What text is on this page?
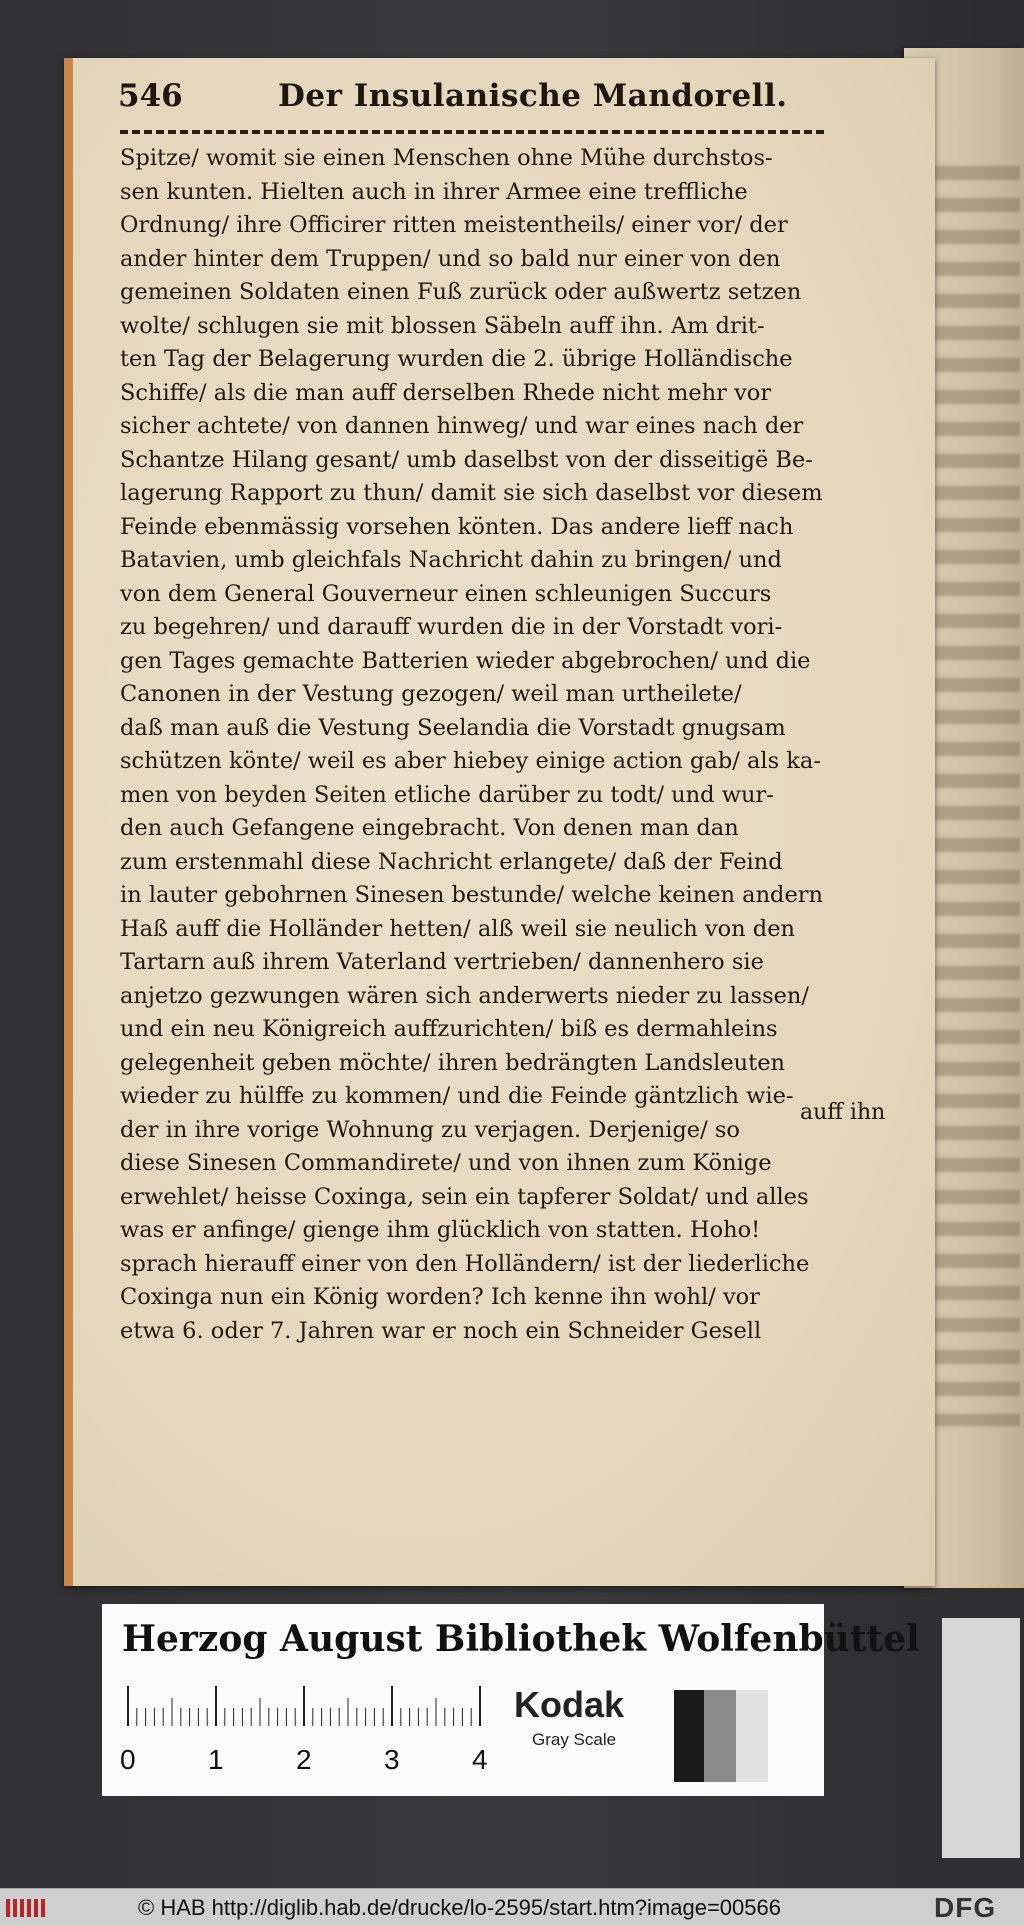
546	Der Insulanische Mandorell.
Spitze/ womit sie einen Menschen ohne Mühe durchstos-
sen kunten. Hielten auch in ihrer Armee eine treffliche
Ordnung/ ihre Officirer ritten meistentheils/ einer vor/ der
ander hinter dem Truppen/ und so bald nur einer von den
gemeinen Soldaten einen Fuß zurück oder außwertz setzen
wolte/ schlugen sie mit blossen Säbeln auff ihn. Am drit-
ten Tag der Belagerung wurden die 2. übrige Holländische
Schiffe/ als die man auff derselben Rhede nicht mehr vor
sicher achtete/ von dannen hinweg/ und war eines nach der
Schantze Hilang gesant/ umb daselbst von der disseitigë Be-
lagerung Rapport zu thun/ damit sie sich daselbst vor diesem
Feinde ebenmässig vorsehen könten. Das andere lieff nach
Batavien, umb gleichfals Nachricht dahin zu bringen/ und
von dem General Gouverneur einen schleunigen Succurs
zu begehren/ und darauff wurden die in der Vorstadt vori-
gen Tages gemachte Batterien wieder abgebrochen/ und die
Canonen in der Vestung gezogen/ weil man urtheilete/
daß man auß die Vestung Seelandia die Vorstadt gnugsam
schützen könte/ weil es aber hiebey einige action gab/ als ka-
men von beyden Seiten etliche darüber zu todt/ und wur-
den auch Gefangene eingebracht. Von denen man dan
zum erstenmahl diese Nachricht erlangete/ daß der Feind
in lauter gebohrnen Sinesen bestunde/ welche keinen andern
Haß auff die Holländer hetten/ alß weil sie neulich von den
Tartarn auß ihrem Vaterland vertrieben/ dannenhero sie
anjetzo gezwungen wären sich anderwerts nieder zu lassen/
und ein neu Königreich auffzurichten/ biß es dermahleins
gelegenheit geben möchte/ ihren bedrängten Landsleuten
wieder zu hülffe zu kommen/ und die Feinde gäntzlich wie-
der in ihre vorige Wohnung zu verjagen. Derjenige/ so
diese Sinesen Commandirete/ und von ihnen zum Könige
erwehlet/ heisse Coxinga, sein ein tapferer Soldat/ und alles
was er anfinge/ gienge ihm glücklich von statten. Hoho!
sprach hierauff einer von den Holländern/ ist der liederliche
Coxinga nun ein König worden? Ich kenne ihn wohl/ vor
etwa 6. oder 7. Jahren war er noch ein Schneider Gesell
auff ihn
Herzog August Bibliothek Wolfenbüttel
0	1	2	3	4
Kodak
Gray Scale
© HAB http://diglib.hab.de/drucke/lo-2595/start.htm?image=00566	DFG
